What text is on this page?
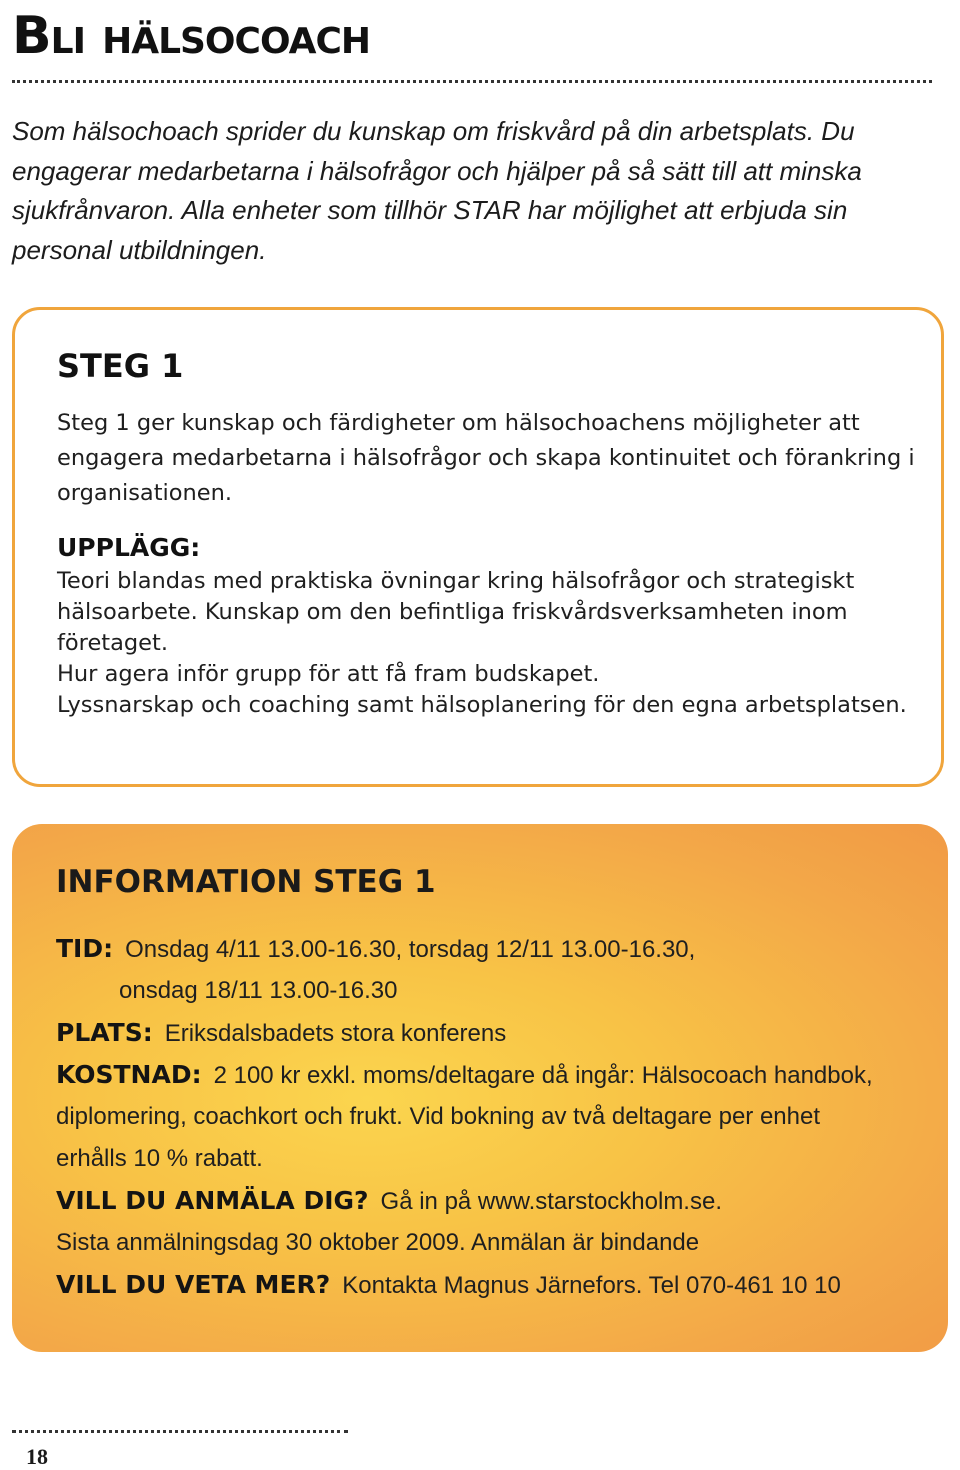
Bli hälsocoach

Som hälsochoach sprider du kunskap om friskvård på din arbetsplats. Du engagerar medarbetarna i hälsofrågor och hjälper på så sätt till att minska sjukfrånvaron. Alla enheter som tillhör STAR har möjlighet att erbjuda sin personal utbildningen.

STEG 1

Steg 1 ger kunskap och färdigheter om hälsochoachens möjligheter att engagera medarbetarna i hälsofrågor och skapa kontinuitet och förankring i organisationen.

UPPLÄGG:

Teori blandas med praktiska övningar kring hälsofrågor och strategiskt hälsoarbete. Kunskap om den befintliga friskvårdsverksamheten inom företaget.
Hur agera inför grupp för att få fram budskapet.
Lyssnarskap och coaching samt hälsoplanering för den egna arbetsplatsen.

INFORMATION STEG 1

TID: Onsdag 4/11 13.00-16.30, torsdag 12/11 13.00-16.30,

onsdag 18/11 13.00-16.30

PLATS: Eriksdalsbadets stora konferens

KOSTNAD: 2 100 kr exkl. moms/deltagare då ingår: Hälsocoach handbok,

diplomering, coachkort och frukt. Vid bokning av två deltagare per enhet

erhålls 10 % rabatt.

VILL DU ANMÄLA DIG? Gå in på www.starstockholm.se.

Sista anmälningsdag 30 oktober 2009. Anmälan är bindande

VILL DU VETA MER? Kontakta Magnus Järnefors. Tel 070-461 10 10

18
